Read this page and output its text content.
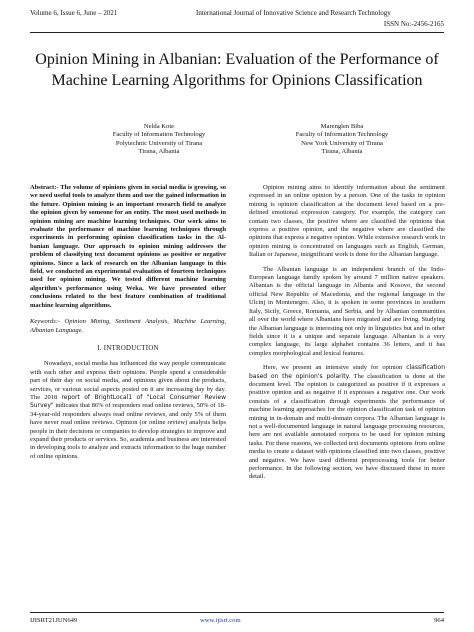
Volume 6, Issue 6, June – 2021	International Journal of Innovative Science and Research Technology
ISSN No:-2456-2165
Opinion Mining in Albanian: Evaluation of the Performance of Machine Learning Algorithms for Opinions Classification
Nelda Kote
Faculty of Information Technology
Polytechnic University of Tirana
Tirana, Albania
Marenglen Biba
Faculty of Information Technology
New York University of Tirana
Tirana, Albania
Abstract:- The volume of opinions given in social media is growing, so we need useful tools to analyze them and use the gained information in the future. Opinion mining is an important research field to analyze the opinion given by someone for an entity. The most used methods in opinion mining are machine learning techniques. Our work aims to evaluate the performance of machine learning techniques through experiments in performing opinion classification tasks in the Al-banian language. Our approach to opinion mining addresses the problem of classifying text document opinions as positive or negative opinions. Since a lack of research on the Albanian language in this field, we conducted an experimental evaluation of fourteen techniques used for opinion mining. We tested different machine learning algorithm's performance using Weka. We have presented other conclusions related to the best feature combination of traditional machine learning algorithms.
Keywords:- Opinion Mining, Sentiment Analysis, Machine Learning, Albanian Language.
I. INTRODUCTION

Nowadays, social media has influenced the way people communicate with each other and express their opinions. People spend a considerable part of their day on social media, and opinions given about the products, services, or various social aspects posted on it are increasing day by day. The 2018 report of BrightLocal1 of "Local Consumer Review Survey" indicates that 86% of responders read online reviews, 50% of 18-34-year-old responders always read online reviews, and only 5% of them have never read online reviews. Opinion (or online review) analysis helps people in their decisions or companies to develop strategies to improve and expand their products or services. So, academia and business are interested in developing tools to analyze and extracts information to the huge number of online opinions.

Opinion mining aims to identify information about the sentiment expressed in an online opinion by a person. One of the tasks in opinion mining is opinion classification at the document level based on a pre-defined emotional expression category. For example, the category can contain two classes, the positive where are classified the opinions that express a positive opinion, and the negative where are classified the opinions that express a negative opinion. While extensive research work in opinion mining is concentrated on languages such as English, German, Italian or Japanese, insignificant work is done for the Albanian language.

The Albanian language is an independent branch of the Indo-European language family spoken by around 7 million native speakers. Albanian is the official language in Albania and Kosovo, the second official New Republic of Macedonia, and the regional language in the Ulcinj in Montenegro. Also, it is spoken in some provinces in southern Italy, Sicily, Greece, Romania, and Serbia, and by Albanian communities all over the world where Albanians have migrated and are living. Studying the Albanian language is interesting not only in linguistics but and in other fields since it is a unique and separate language. Albanian is a very complex language, its large alphabet contains 36 letters, and it has complex morphological and lexical features.

Here, we present an intensive study for opinion classification based on the opinion's polarity. The classification is done at the document level. The opinion is categorized as positive if it expresses a positive opinion and as negative if it expresses a negative one. Our work consists of a classification through experiments the performance of machine learning approaches for the opinion classification task of opinion mining in in-domain and multi-domain corpora. The Albanian language is not a well-documented language in natural language processing resources, here are not available annotated corpora to be used for opinion mining tasks. For these reasons, we collected text documents opinions from online media to create a dataset with opinions classified into two classes, positive and negative. We have used different preprocessing tools for better performance. In the following section, we have discussed these in more detail.

IJISRT21JUN649	www.ijisrt.com	964
